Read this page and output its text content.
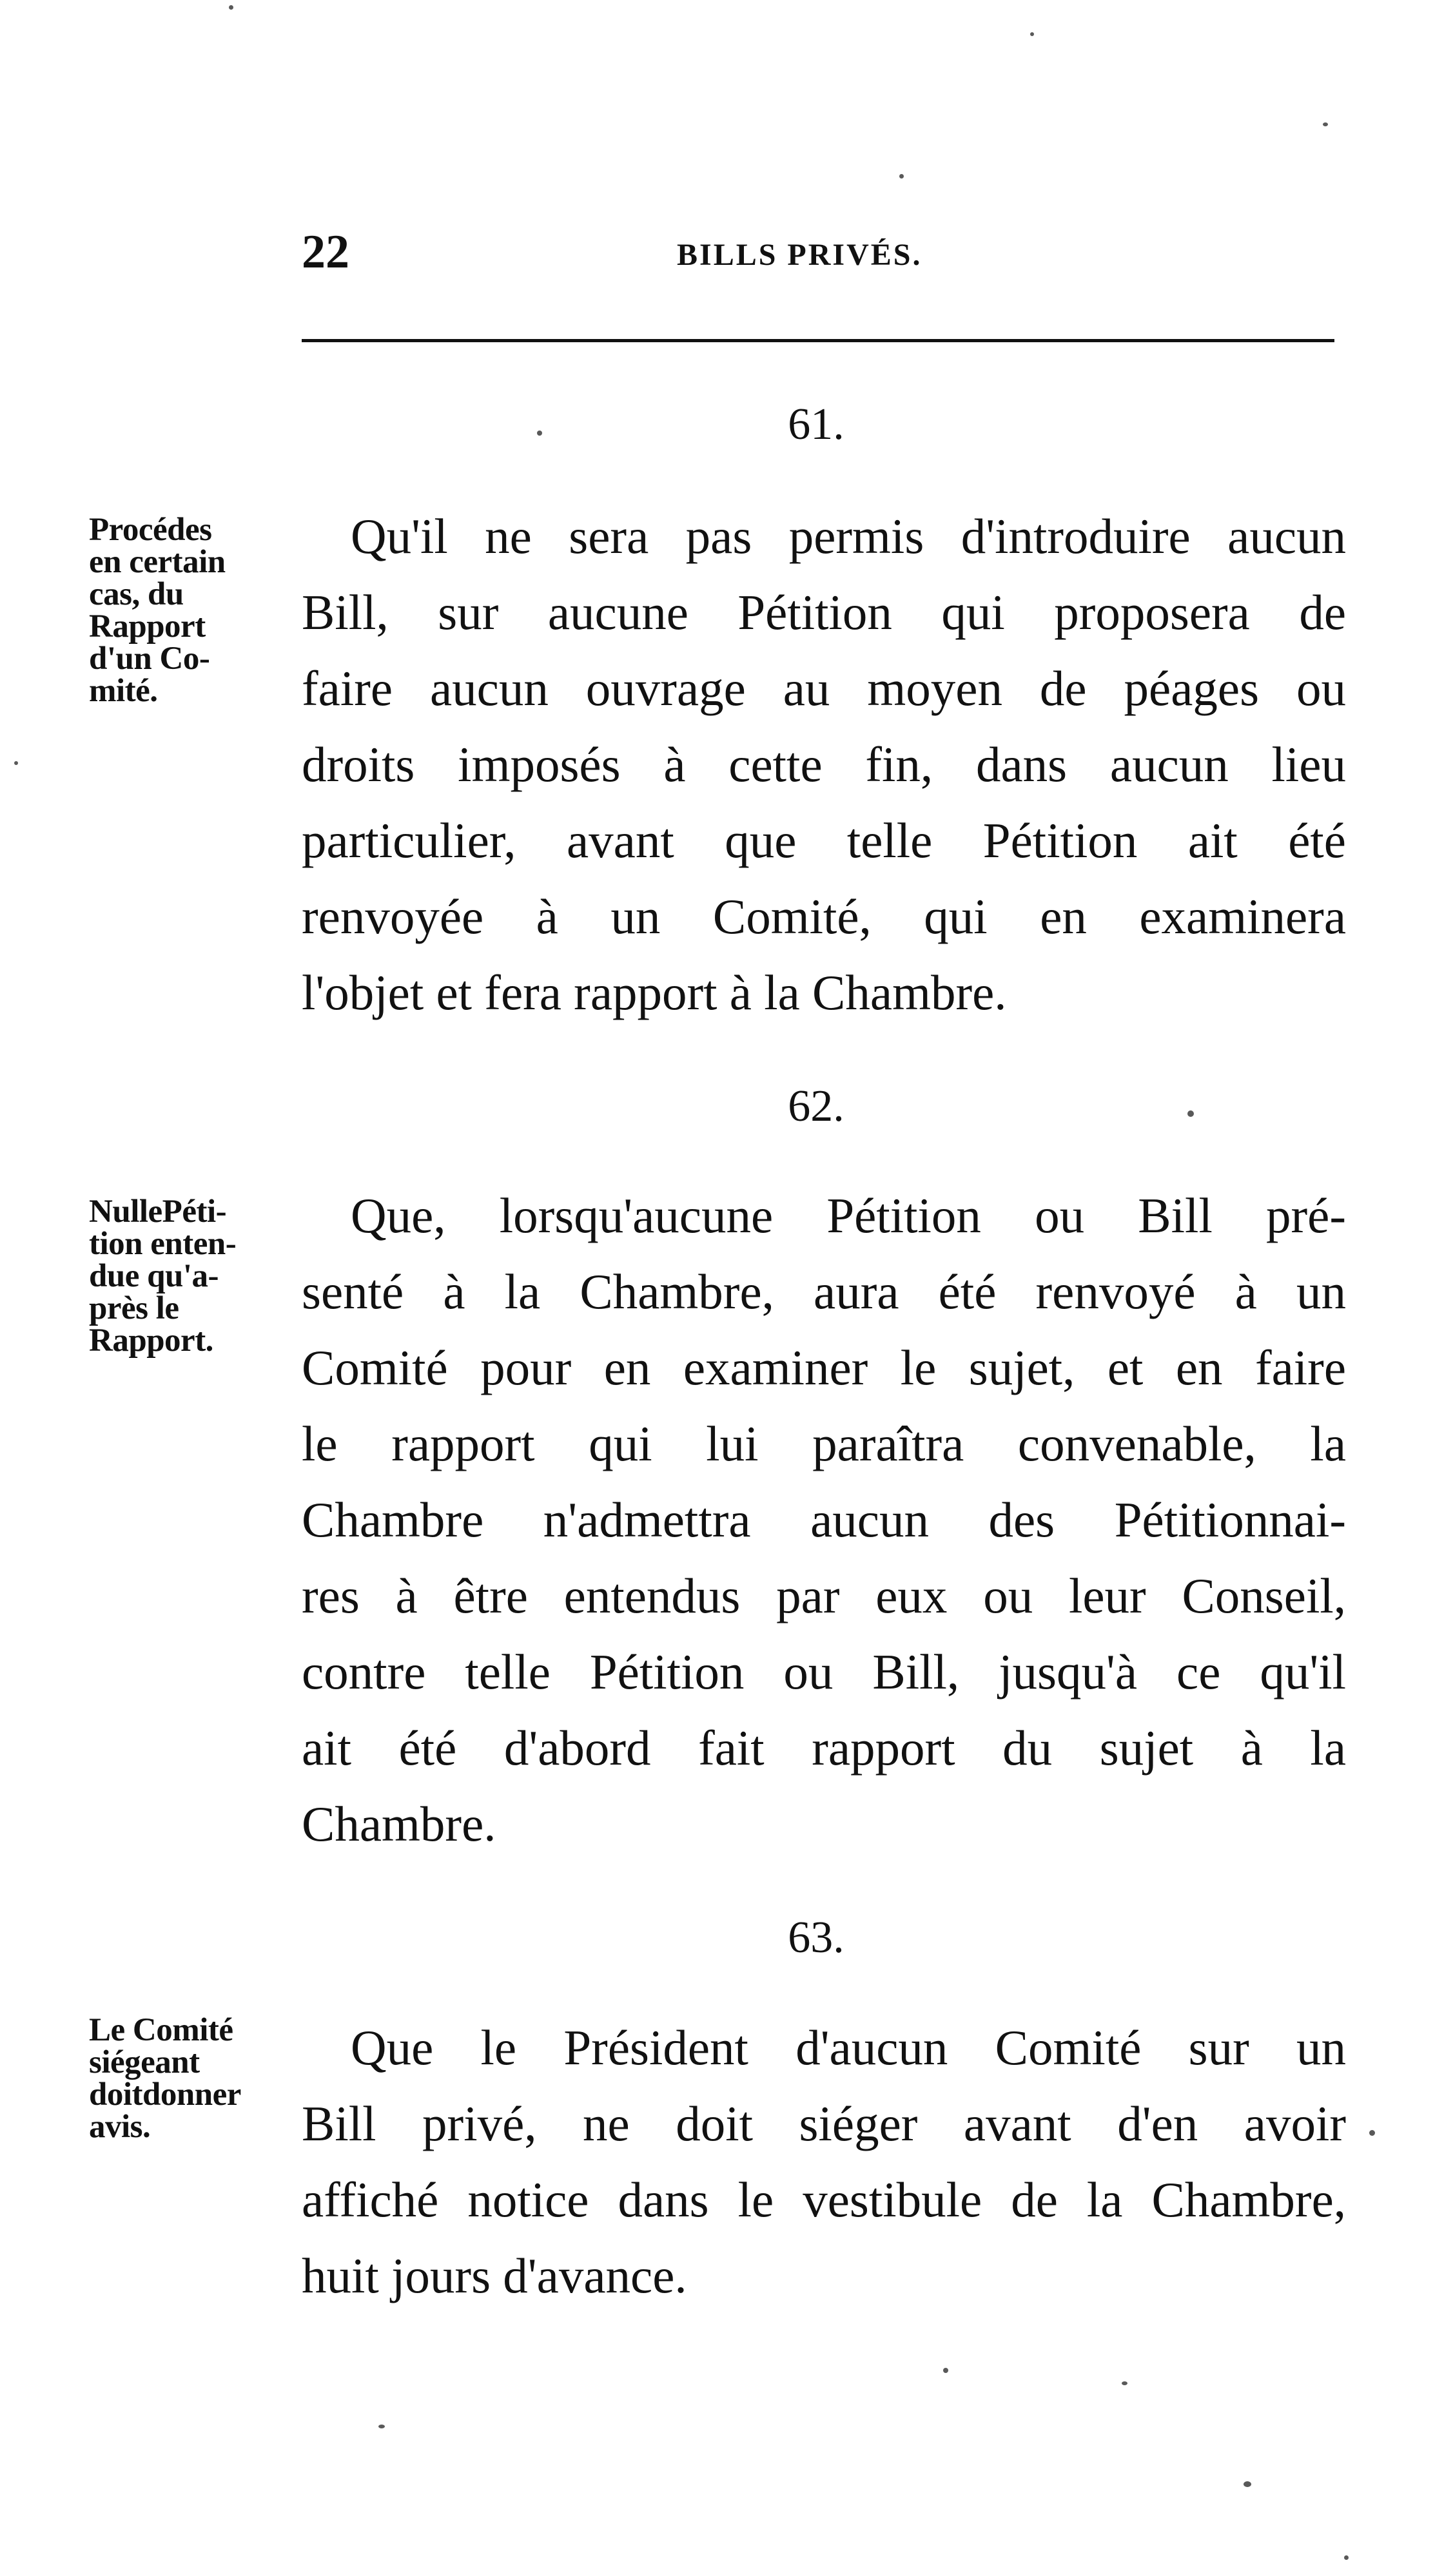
22	BILLS PRIVÉS.
61.
Procédes
en certain
cas, du
Rapport
d'un Co-
mité.
Qu'il ne sera pas permis d'introduire aucun
Bill, sur aucune Pétition qui proposera de
faire aucun ouvrage au moyen de péages ou
droits imposés à cette fin, dans aucun lieu
particulier, avant que telle Pétition ait été
renvoyée à un Comité, qui en examinera
l'objet et fera rapport à la Chambre.
62.
NullePéti-
tion enten-
due qu'a-
près le
Rapport.
Que, lorsqu'aucune Pétition ou Bill pré-
senté à la Chambre, aura été renvoyé à un
Comité pour en examiner le sujet, et en faire
le rapport qui lui paraîtra convenable, la
Chambre n'admettra aucun des Pétitionnai-
res à être entendus par eux ou leur Conseil,
contre telle Pétition ou Bill, jusqu'à ce qu'il
ait été d'abord fait rapport du sujet à la
Chambre.
63.
Le Comité
siégeant
doitdonner
avis.
Que le Président d'aucun Comité sur un
Bill privé, ne doit siéger avant d'en avoir
affiché notice dans le vestibule de la Chambre,
huit jours d'avance.
